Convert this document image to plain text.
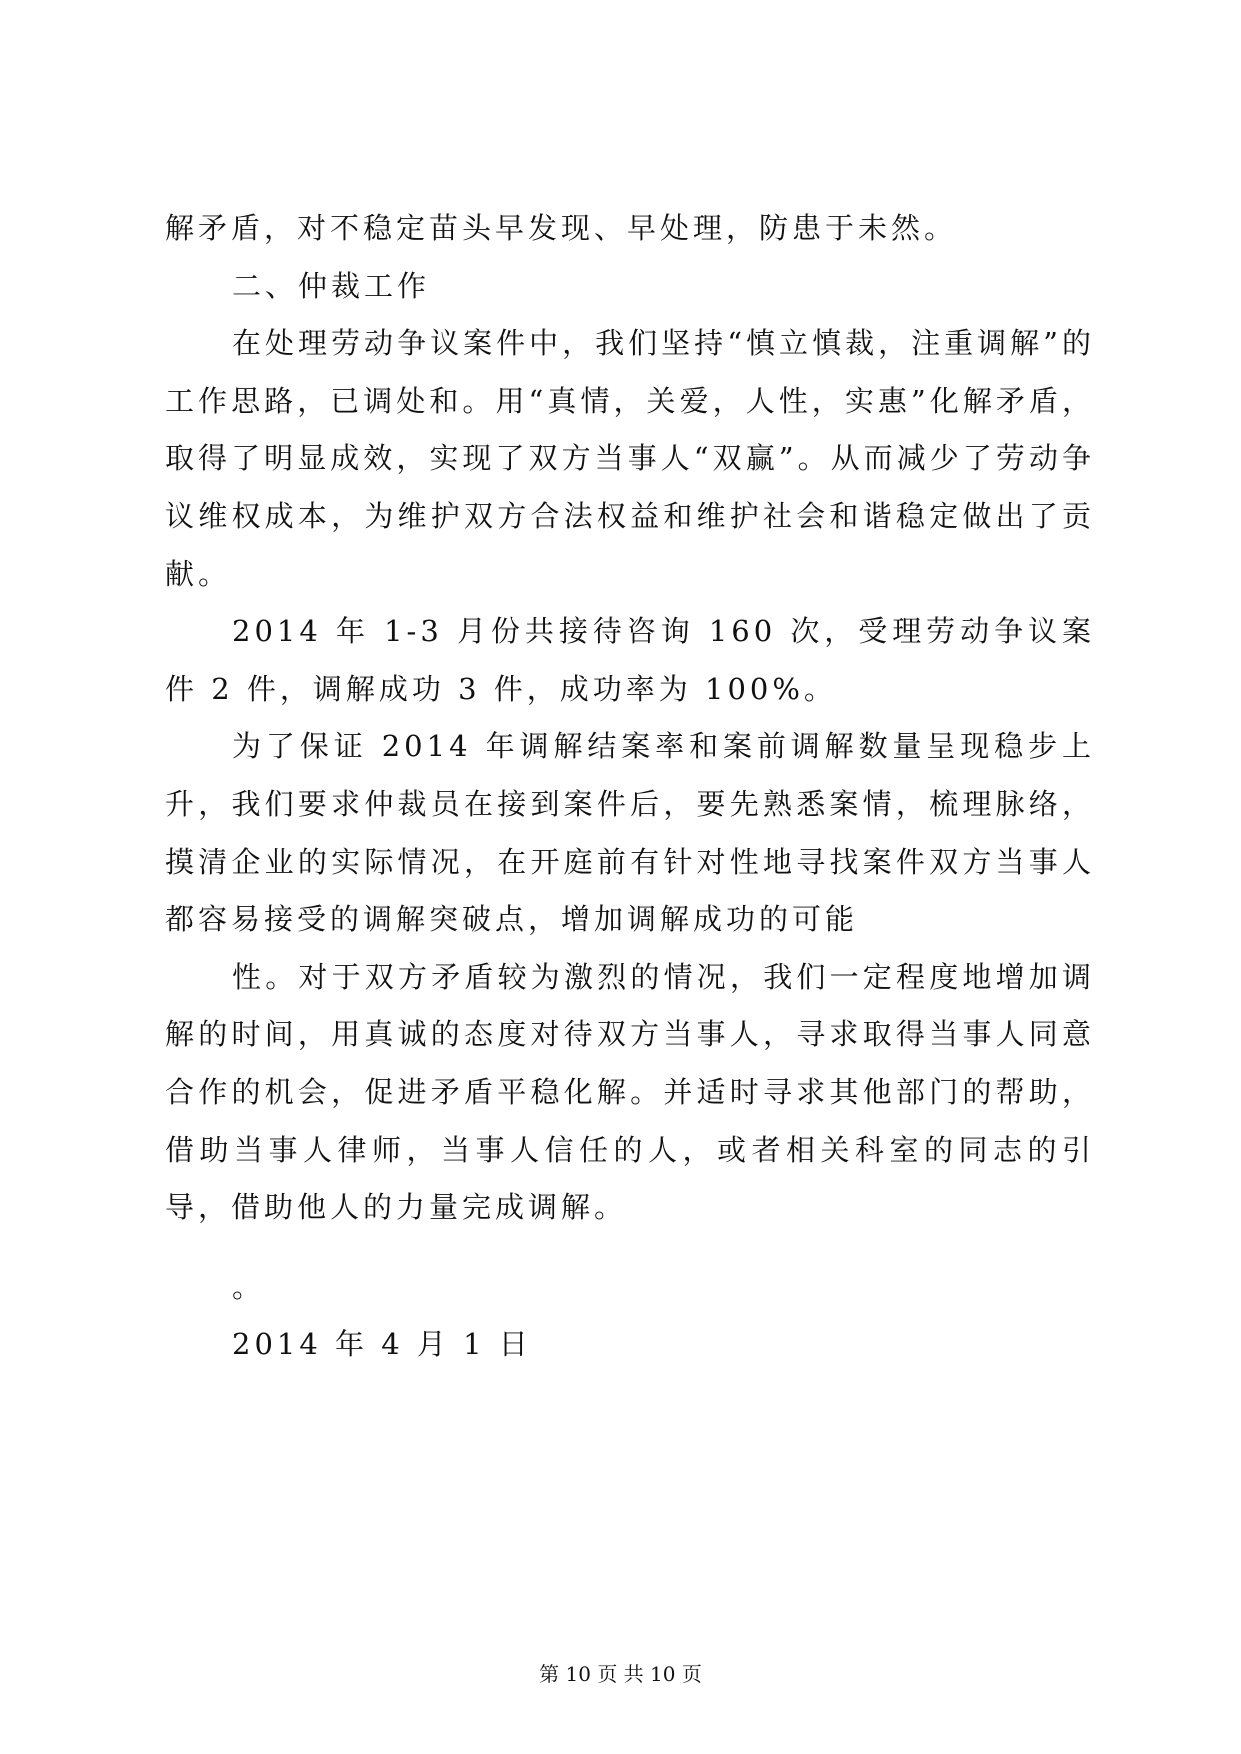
解矛盾，对不稳定苗头早发现、早处理，防患于未然。

二、仲裁工作

在处理劳动争议案件中，我们坚持“慎立慎裁，注重调解”的工作思路，已调处和。用“真情，关爱，人性，实惠”化解矛盾，取得了明显成效，实现了双方当事人“双赢”。从而减少了劳动争议维权成本，为维护双方合法权益和维护社会和谐稳定做出了贡献。

2014 年 1-3 月份共接待咨询 160 次，受理劳动争议案件 2 件，调解成功 3 件，成功率为 100%。

为了保证 2014 年调解结案率和案前调解数量呈现稳步上升，我们要求仲裁员在接到案件后，要先熟悉案情，梳理脉络，摸清企业的实际情况，在开庭前有针对性地寻找案件双方当事人都容易接受的调解突破点，增加调解成功的可能

性。对于双方矛盾较为激烈的情况，我们一定程度地增加调解的时间，用真诚的态度对待双方当事人，寻求取得当事人同意合作的机会，促进矛盾平稳化解。并适时寻求其他部门的帮助，借助当事人律师，当事人信任的人，或者相关科室的同志的引导，借助他人的力量完成调解。

。

2014 年 4 月 1 日

第 10 页 共 10 页
